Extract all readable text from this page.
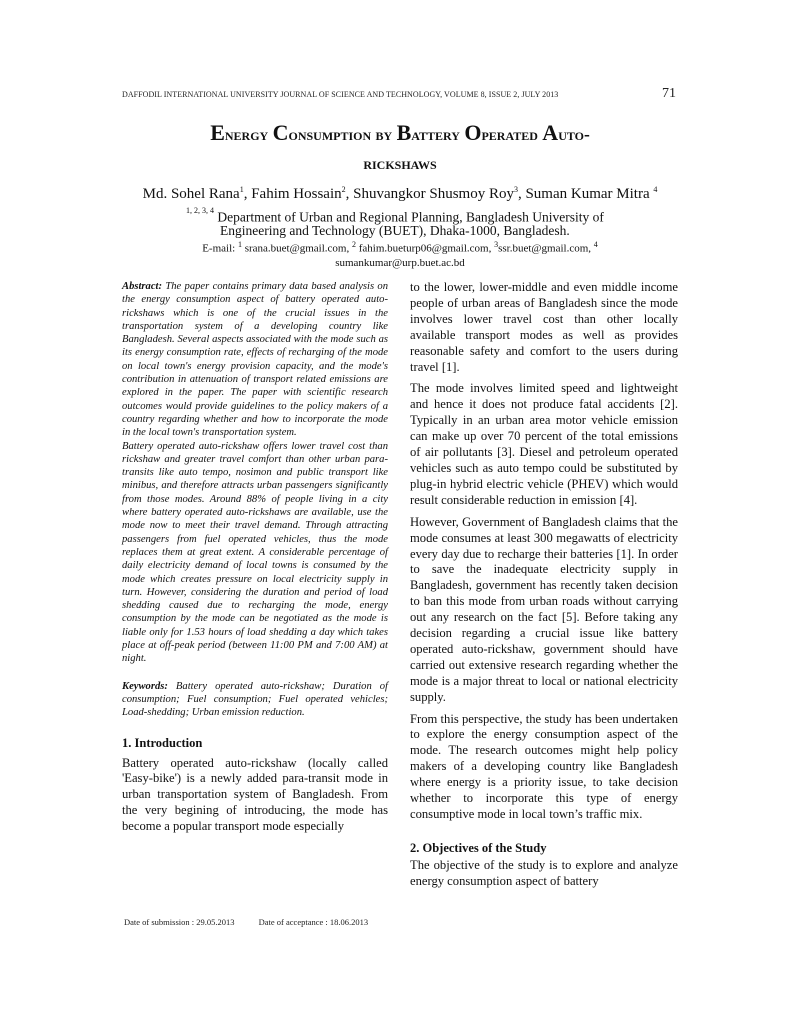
DAFFODIL INTERNATIONAL UNIVERSITY JOURNAL OF SCIENCE AND TECHNOLOGY, VOLUME 8, ISSUE 2, JULY 2013	71
Energy Consumption by Battery Operated Auto-
rickshaws
Md. Sohel Rana$^1$, Fahim Hossain$^2$, Shuvangkor Shusmoy Roy$^3$, Suman Kumar Mitra $^4$
$^{1, 2, 3, 4}$ Department of Urban and Regional Planning, Bangladesh University of
Engineering and Technology (BUET), Dhaka-1000, Bangladesh.
E-mail: $^1$ srana.buet@gmail.com, $^2$ fahim.bueturp06@gmail.com, $^3$ssr.buet@gmail.com, $^4$
sumankumar@urp.buet.ac.bd

Abstract: The paper contains primary data based analysis on the energy consumption aspect of battery operated auto-rickshaws which is one of the crucial issues in the transportation system of a developing country like Bangladesh. Several aspects associated with the mode such as its energy consumption rate, effects of recharging of the mode on local town's energy provision capacity, and the mode's contribution in attenuation of transport related emissions are explored in the paper. The paper with scientific research outcomes would provide guidelines to the policy makers of a country regarding whether and how to incorporate the mode in the local town's transportation system.

Battery operated auto-rickshaw offers lower travel cost than rickshaw and greater travel comfort than other urban para-transits like auto tempo, nosimon and public transport like minibus, and therefore attracts urban passengers significantly from those modes. Around 88% of people living in a city where battery operated auto-rickshaws are available, use the mode now to meet their travel demand. Through attracting passengers from fuel operated vehicles, thus the mode replaces them at great extent. A considerable percentage of daily electricity demand of local towns is consumed by the mode which creates pressure on local electricity supply in turn. However, considering the duration and period of load shedding caused due to recharging the mode, energy consumption by the mode can be negotiated as the mode is liable only for 1.53 hours of load shedding a day which takes place at off-peak period (between 11:00 PM and 7:00 AM) at night.

Keywords: Battery operated auto-rickshaw; Duration of consumption; Fuel consumption; Fuel operated vehicles; Load-shedding; Urban emission reduction.

1. Introduction

Battery operated auto-rickshaw (locally called 'Easy-bike') is a newly added para-transit mode in urban transportation system of Bangladesh. From the very begining of introducing, the mode has become a popular transport mode especially

to the lower, lower-middle and even middle income people of urban areas of Bangladesh since the mode involves lower travel cost than other locally available transport modes as well as provides reasonable safety and comfort to the users during travel [1].

The mode involves limited speed and lightweight and hence it does not produce fatal accidents [2]. Typically in an urban area motor vehicle emission can make up over 70 percent of the total emissions of air pollutants [3]. Diesel and petroleum operated vehicles such as auto tempo could be substituted by plug-in hybrid electric vehicle (PHEV) which would result considerable reduction in emission [4].

However, Government of Bangladesh claims that the mode consumes at least 300 megawatts of electricity every day due to recharge their batteries [1]. In order to save the inadequate electricity supply in Bangladesh, government has recently taken decision to ban this mode from urban roads without carrying out any research on the fact [5]. Before taking any decision regarding a crucial issue like battery operated auto-rickshaw, government should have carried out extensive research regarding whether the mode is a major threat to local or national electricity supply.

From this perspective, the study has been undertaken to explore the energy consumption aspect of the mode. The research outcomes might help policy makers of a developing country like Bangladesh where energy is a priority issue, to take decision whether to incorporate this type of energy consumptive mode in local town’s traffic mix.

2. Objectives of the Study

The objective of the study is to explore and analyze energy consumption aspect of battery

Date of submission : 29.05.2013	Date of acceptance : 18.06.2013
